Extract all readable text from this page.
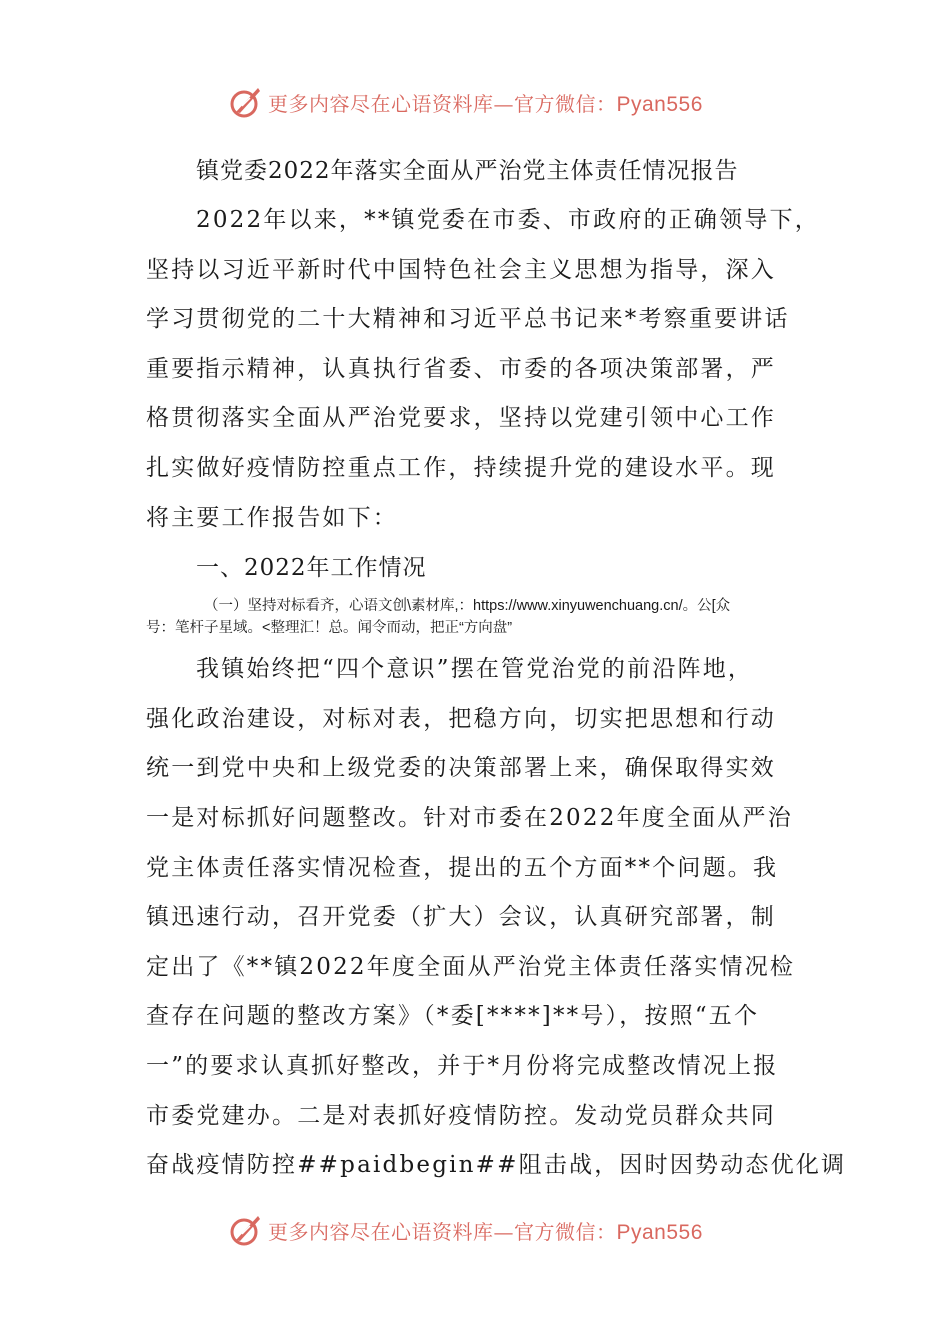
更多内容尽在心语资料库—官方微信：Pyan556
镇党委2022年落实全面从严治党主体责任情况报告
2022年以来，**镇党委在市委、市政府的正确领导下，
坚持以习近平新时代中国特色社会主义思想为指导，深入
学习贯彻党的二十大精神和习近平总书记来*考察重要讲话
重要指示精神，认真执行省委、市委的各项决策部署，严
格贯彻落实全面从严治党要求，坚持以党建引领中心工作
扎实做好疫情防控重点工作，持续提升党的建设水平。现
将主要工作报告如下：
一、2022年工作情况
（一）坚持对标看齐，心语文创\素材库,：https://www.xinyuwenchuang.cn/。公[众
号：笔杆子星域。<整理汇！总。闻令而动，把正“方向盘”
我镇始终把“四个意识”摆在管党治党的前沿阵地，
强化政治建设，对标对表，把稳方向，切实把思想和行动
统一到党中央和上级党委的决策部署上来，确保取得实效
一是对标抓好问题整改。针对市委在2022年度全面从严治
党主体责任落实情况检查，提出的五个方面**个问题。我
镇迅速行动，召开党委（扩大）会议，认真研究部署，制
定出了《**镇2022年度全面从严治党主体责任落实情况检
查存在问题的整改方案》（*委[****]**号），按照“五个
一”的要求认真抓好整改，并于*月份将完成整改情况上报
市委党建办。二是对表抓好疫情防控。发动党员群众共同
奋战疫情防控##paidbegin##阻击战，因时因势动态优化调
更多内容尽在心语资料库—官方微信：Pyan556
